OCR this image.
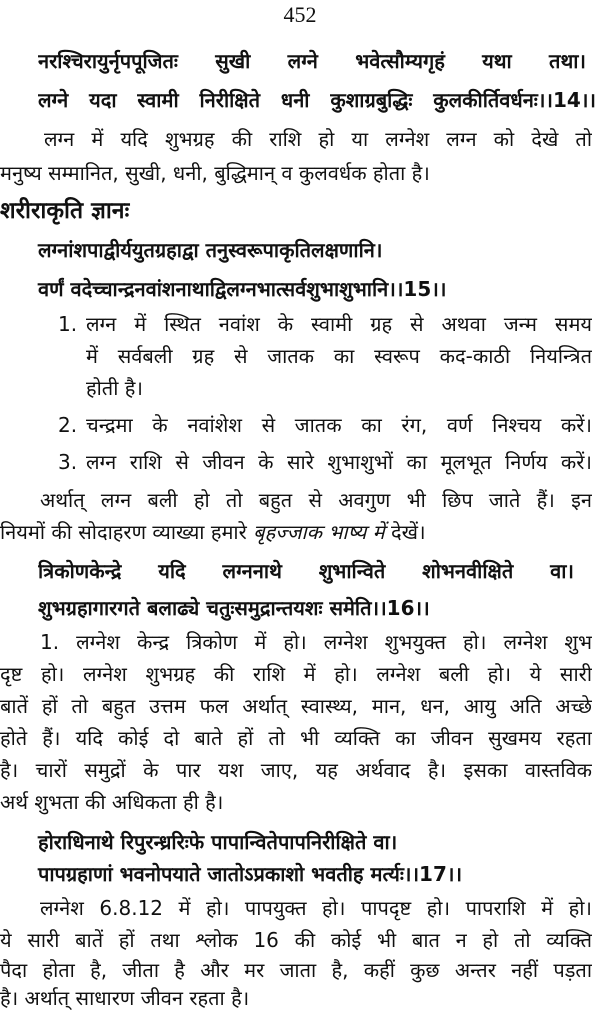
452
नरश्चिरायुर्नृपपूजितः सुखी लग्ने भवेत्सौम्यगृहं यथा तथा।
लग्ने यदा स्वामी निरीक्षिते धनी कुशाग्रबुद्धिः कुलकीर्तिवर्धनः।।14।।
लग्न में यदि शुभग्रह की राशि हो या लग्नेश लग्न को देखे तो
मनुष्य सम्मानित, सुखी, धनी, बुद्धिमान् व कुलवर्धक होता है।
शरीराकृति ज्ञानः
लग्नांशपाद्वीर्ययुतग्रहाद्वा तनुस्वरूपाकृतिलक्षणानि।
वर्णं वदेच्चान्द्रनवांशनाथाद्विलग्नभात्सर्वशुभाशुभानि।।15।।
1. लग्न में स्थित नवांश के स्वामी ग्रह से अथवा जन्म समय
में सर्वबली ग्रह से जातक का स्वरूप कद-काठी नियन्त्रित
होती है।
2. चन्द्रमा के नवांशेश से जातक का रंग, वर्ण निश्चय करें।
3. लग्न राशि से जीवन के सारे शुभाशुभों का मूलभूत निर्णय करें।
अर्थात् लग्न बली हो तो बहुत से अवगुण भी छिप जाते हैं। इन
नियमों की सोदाहरण व्याख्या हमारे बृहज्जाक भाष्य में देखें।
त्रिकोणकेन्द्रे यदि लग्ननाथे शुभान्विते शोभनवीक्षिते वा।
शुभग्रहागारगते बलाढ्ये चतुःसमुद्रान्तयशः समेति।।16।।
1. लग्नेश केन्द्र त्रिकोण में हो। लग्नेश शुभयुक्त हो। लग्नेश शुभ
दृष्ट हो। लग्नेश शुभग्रह की राशि में हो। लग्नेश बली हो। ये सारी
बातें हों तो बहुत उत्तम फल अर्थात् स्वास्थ्य, मान, धन, आयु अति अच्छे
होते हैं। यदि कोई दो बाते हों तो भी व्यक्ति का जीवन सुखमय रहता
है। चारों समुद्रों के पार यश जाए, यह अर्थवाद है। इसका वास्तविक
अर्थ शुभता की अधिकता ही है।
होराधिनाथे रिपुरन्ध्ररिःफे पापान्वितेपापनिरीक्षिते वा।
पापग्रहाणां भवनोपयाते जातोऽप्रकाशो भवतीह मर्त्यः।।17।।
लग्नेश 6.8.12 में हो। पापयुक्त हो। पापदृष्ट हो। पापराशि में हो।
ये सारी बातें हों तथा श्लोक 16 की कोई भी बात न हो तो व्यक्ति
पैदा होता है, जीता है और मर जाता है, कहीं कुछ अन्तर नहीं पड़ता
है। अर्थात् साधारण जीवन रहता है।
